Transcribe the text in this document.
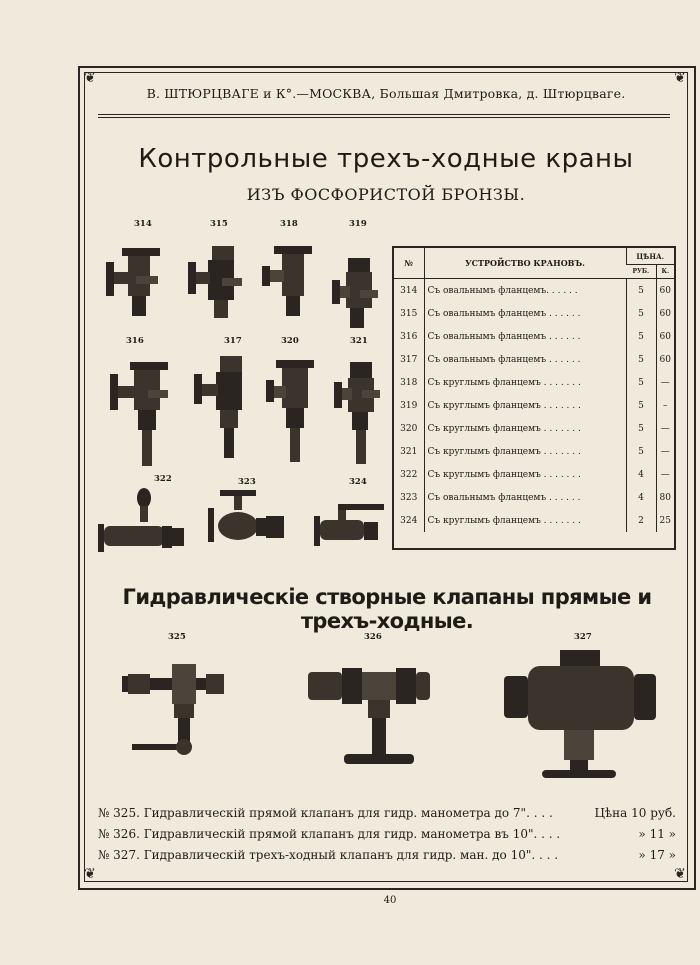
❦	❦
❦	❦
В. ШТЮРЦВАГЕ и К°.—МОСКВА, Большая Дмитровка, д. Штюрцваге.
Контрольные трехъ-ходные краны
ИЗЪ ФОСФОРИСТОЙ БРОНЗЫ.
314	315	318	319
316	317	320	321
322	323	324
№	УСТРОЙСТВО КРАНОВЪ.	ЦѢНА.	
		РУБ.	К.
314	Съ овальнымъ фланцемъ. . . . . .	5	60
315	Съ овальнымъ фланцемъ . . . . . .	5	60
316	Съ овальнымъ фланцемъ . . . . . .	5	60
317	Съ овальнымъ фланцемъ . . . . . .	5	60
318	Съ круглымъ фланцемъ . . . . . . .	5	—
319	Съ круглымъ фланцемъ . . . . . . .	5	–
320	Съ круглымъ фланцемъ . . . . . . .	5	—
321	Съ круглымъ фланцемъ . . . . . . .	5	—
322	Съ круглымъ фланцемъ . . . . . . .	4	—
323	Съ овальнымъ фланцемъ . . . . . .	4	80
324	Съ круглымъ фланцемъ . . . . . . .	2	25
Гидравлическіе створные клапаны прямые и трехъ-ходные.
325	326	327
№ 325. Гидравлическій прямой клапанъ для гидр. манометра до 7". . . .	Цѣна 10 руб.
№ 326. Гидравлическій прямой клапанъ для гидр. манометра въ 10". . . .	» 11 »
№ 327. Гидравлическій трехъ-ходный клапанъ для гидр. ман. до 10". . . .	» 17 »
40
